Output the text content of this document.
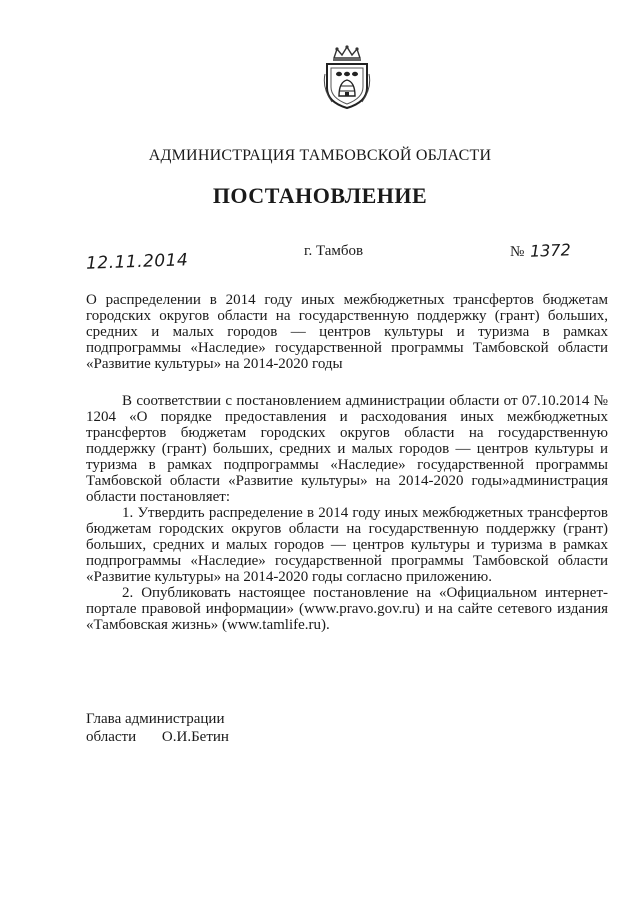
АДМИНИСТРАЦИЯ ТАМБОВСКОЙ ОБЛАСТИ
ПОСТАНОВЛЕНИЕ
12.11.2014	г. Тамбов	№ 1372
О распределении в 2014 году иных межбюджетных трансфертов бюджетам городских округов области на государственную поддержку (грант) больших, средних и малых городов –– центров культуры и туризма в рамках подпрограммы «Наследие» государственной программы Тамбовской области «Развитие культуры» на 2014-2020 годы

В соответствии с постановлением администрации области от 07.10.2014 № 1204 «О порядке предоставления и расходования иных межбюджетных трансфертов бюджетам городских округов области на государственную поддержку (грант) больших, средних и малых городов — центров культуры и туризма в рамках подпрограммы «Наследие» государственной программы Тамбовской области «Развитие культуры» на 2014-2020 годы»администрация области постановляет:

1. Утвердить распределение в 2014 году иных межбюджетных трансфертов бюджетам городских округов области на государственную поддержку (грант) больших, средних и малых городов — центров культуры и туризма в рамках подпрограммы «Наследие» государственной программы Тамбовской области «Развитие культуры» на 2014-2020 годы согласно приложению.

2. Опубликовать настоящее постановление на «Официальном интернет-портале правовой информации» (www.pravo.gov.ru) и на сайте сетевого издания «Тамбовская жизнь» (www.tamlife.ru).

Глава администрации
области О.И.Бетин
